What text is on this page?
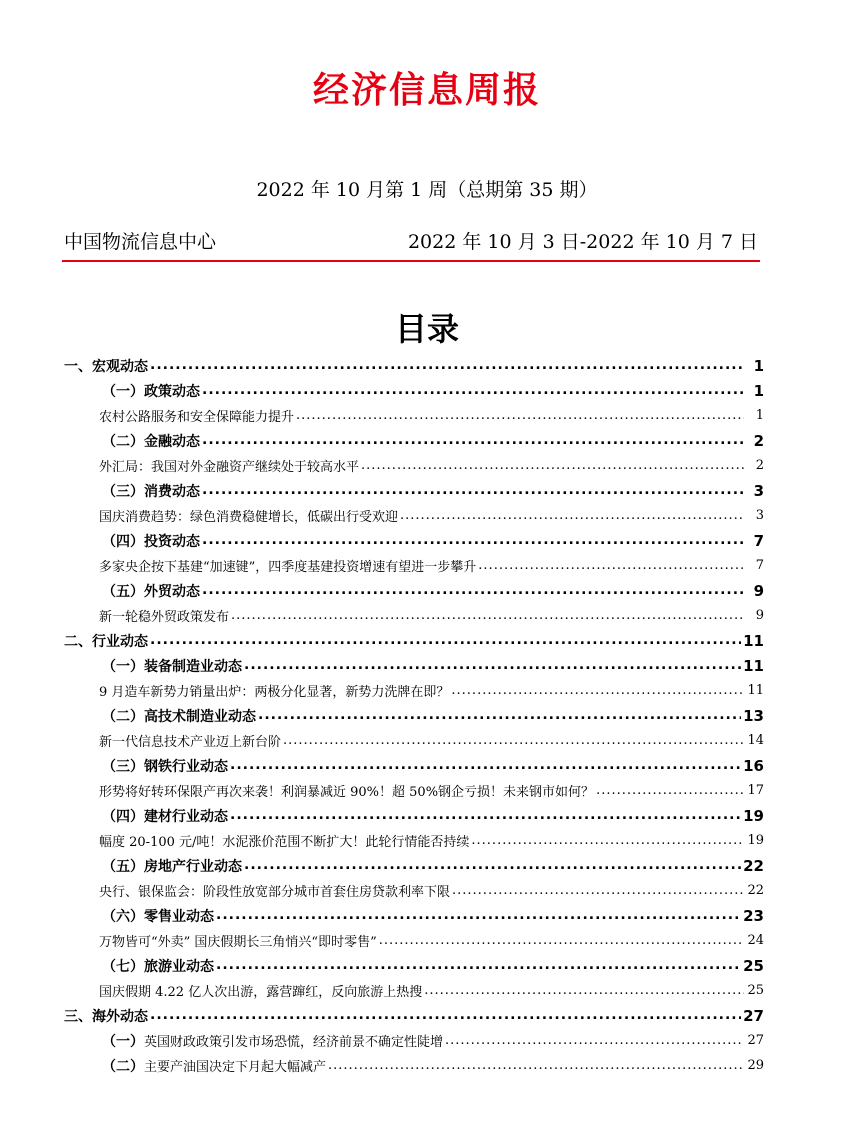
经济信息周报
2022 年 10 月第 1 周（总期第 35 期）
中国物流信息中心	2022 年 10 月 3 日-2022 年 10 月 7 日
目录
一、宏观动态 .....	1
（一）政策动态 .....	1
农村公路服务和安全保障能力提升 .....	1
（二）金融动态 .....	2
外汇局：我国对外金融资产继续处于较高水平 .....	2
（三）消费动态 .....	3
国庆消费趋势：绿色消费稳健增长，低碳出行受欢迎 .....	3
（四）投资动态 .....	7
多家央企按下基建“加速键”，四季度基建投资增速有望进一步攀升 .....	7
（五）外贸动态 .....	9
新一轮稳外贸政策发布 .....	9
二、行业动态 .....	11
（一）装备制造业动态 .....	11
9 月造车新势力销量出炉：两极分化显著，新势力洗牌在即？ .....	11
（二）高技术制造业动态 .....	13
新一代信息技术产业迈上新台阶 .....	14
（三）钢铁行业动态 .....	16
形势将好转环保限产再次来袭！利润暴减近 90%！超 50%钢企亏损！未来钢市如何？ .....	17
（四）建材行业动态 .....	19
幅度 20-100 元/吨！水泥涨价范围不断扩大！此轮行情能否持续 .....	19
（五）房地产行业动态 .....	22
央行、银保监会：阶段性放宽部分城市首套住房贷款利率下限 .....	22
（六）零售业动态 .....	23
万物皆可“外卖” 国庆假期长三角悄兴“即时零售” .....	24
（七）旅游业动态 .....	25
国庆假期 4.22 亿人次出游，露营蹿红，反向旅游上热搜 .....	25
三、海外动态 .....	27
（一）英国财政政策引发市场恐慌，经济前景不确定性陡增 .....	27
（二）主要产油国决定下月起大幅减产 .....	29
